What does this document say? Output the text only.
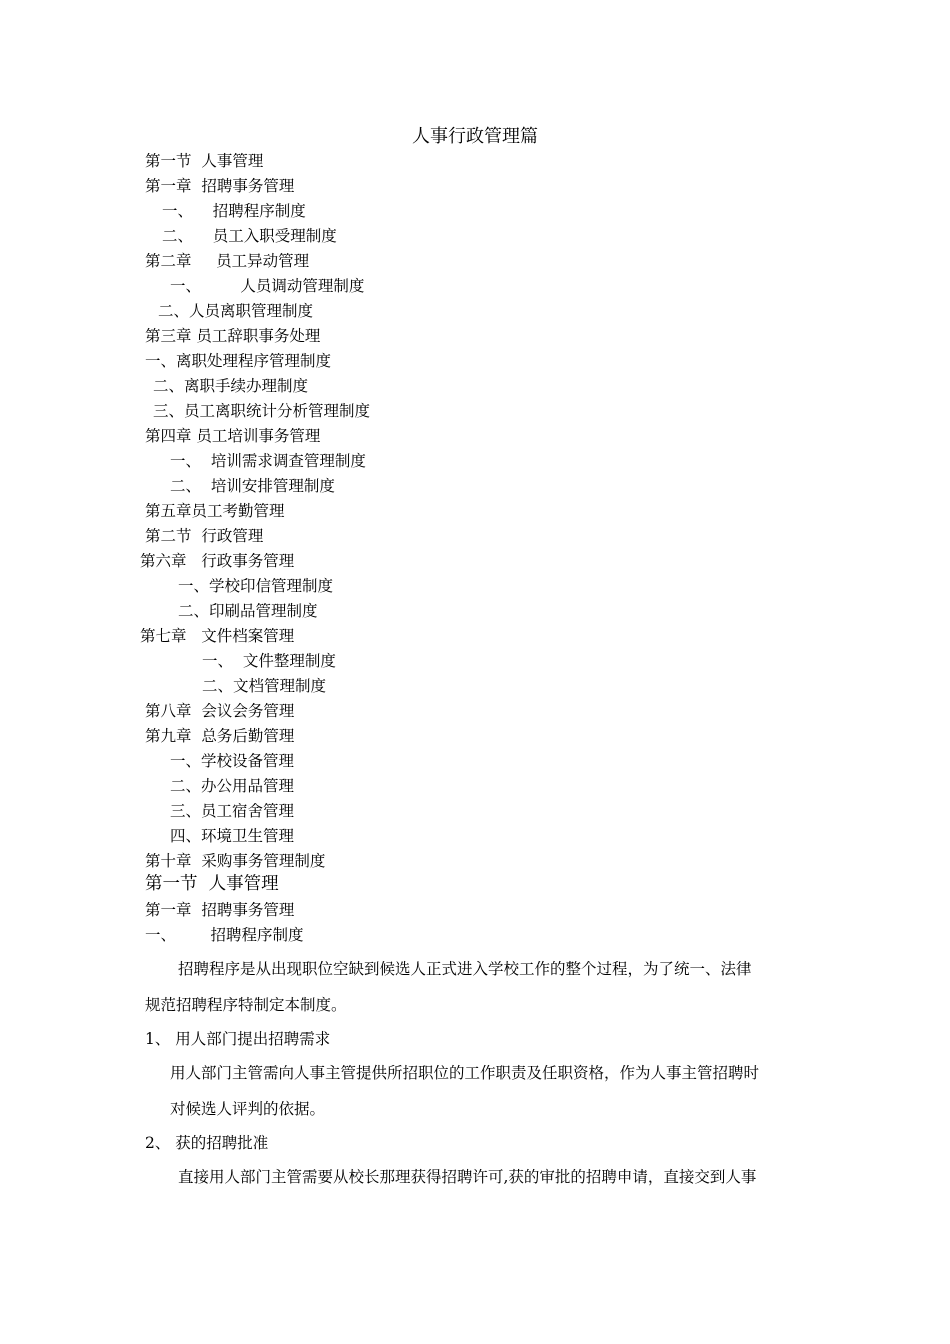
人事行政管理篇
第一节  人事管理
第一章  招聘事务管理
一、    招聘程序制度
二、    员工入职受理制度
第二章     员工异动管理
一、        人员调动管理制度
二、人员离职管理制度
第三章 员工辞职事务处理
一、离职处理程序管理制度
二、离职手续办理制度
三、员工离职统计分析管理制度
第四章 员工培训事务管理
一、  培训需求调查管理制度
二、  培训安排管理制度
第五章员工考勤管理
第二节  行政管理
第六章   行政事务管理
一、学校印信管理制度
二、印刷品管理制度
第七章   文件档案管理
一、  文件整理制度
二、文档管理制度
第八章  会议会务管理
第九章  总务后勤管理
一、学校设备管理
二、办公用品管理
三、员工宿舍管理
四、环境卫生管理
第十章  采购事务管理制度
第一节  人事管理
第一章  招聘事务管理
一、       招聘程序制度
招聘程序是从出现职位空缺到候选人正式进入学校工作的整个过程，为了统一、法律
规范招聘程序特制定本制度。
1、 用人部门提出招聘需求
用人部门主管需向人事主管提供所招职位的工作职责及任职资格，作为人事主管招聘时
对候选人评判的依据。
2、 获的招聘批准
直接用人部门主管需要从校长那理获得招聘许可,获的审批的招聘申请，直接交到人事
